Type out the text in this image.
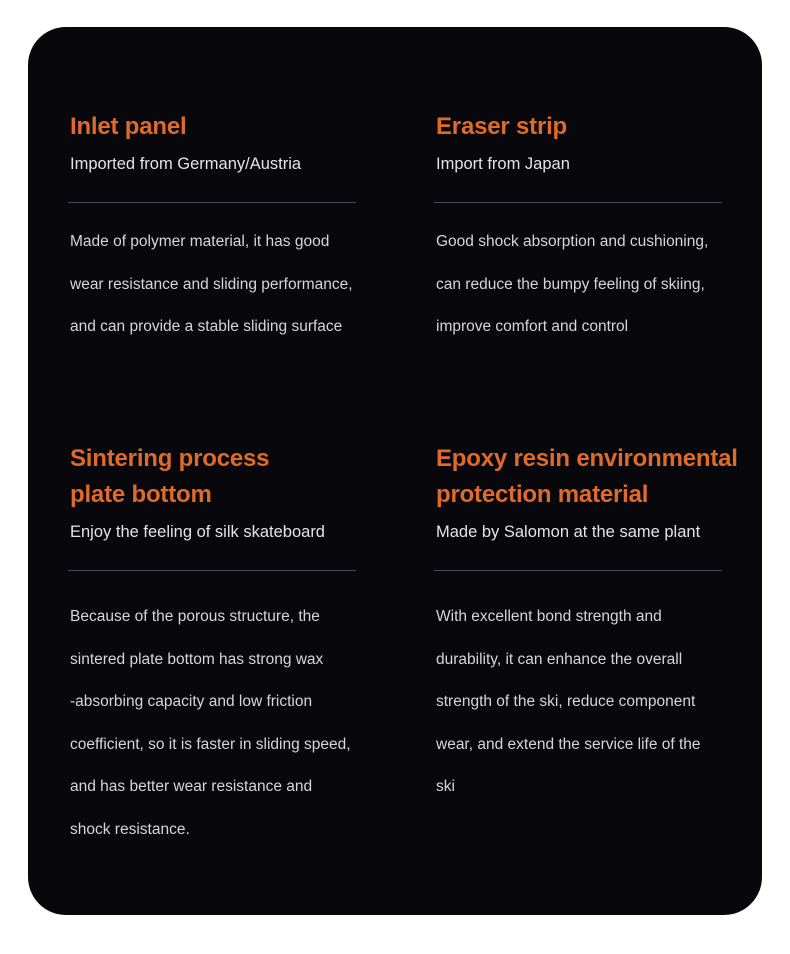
Inlet panel
Imported from Germany/Austria
Made of polymer material, it has good
wear resistance and sliding performance,
and can provide a stable sliding surface
Eraser strip
Import from Japan
Good shock absorption and cushioning,
can reduce the bumpy feeling of skiing,
improve comfort and control
Sintering process
plate bottom
Enjoy the feeling of silk skateboard
Because of the porous structure, the
sintered plate bottom has strong wax
-absorbing capacity and low friction
coefficient, so it is faster in sliding speed,
and has better wear resistance and
shock resistance.
Epoxy resin environmental
protection material
Made by Salomon at the same plant
With excellent bond strength and
durability, it can enhance the overall
strength of the ski, reduce component
wear, and extend the service life of the
ski
